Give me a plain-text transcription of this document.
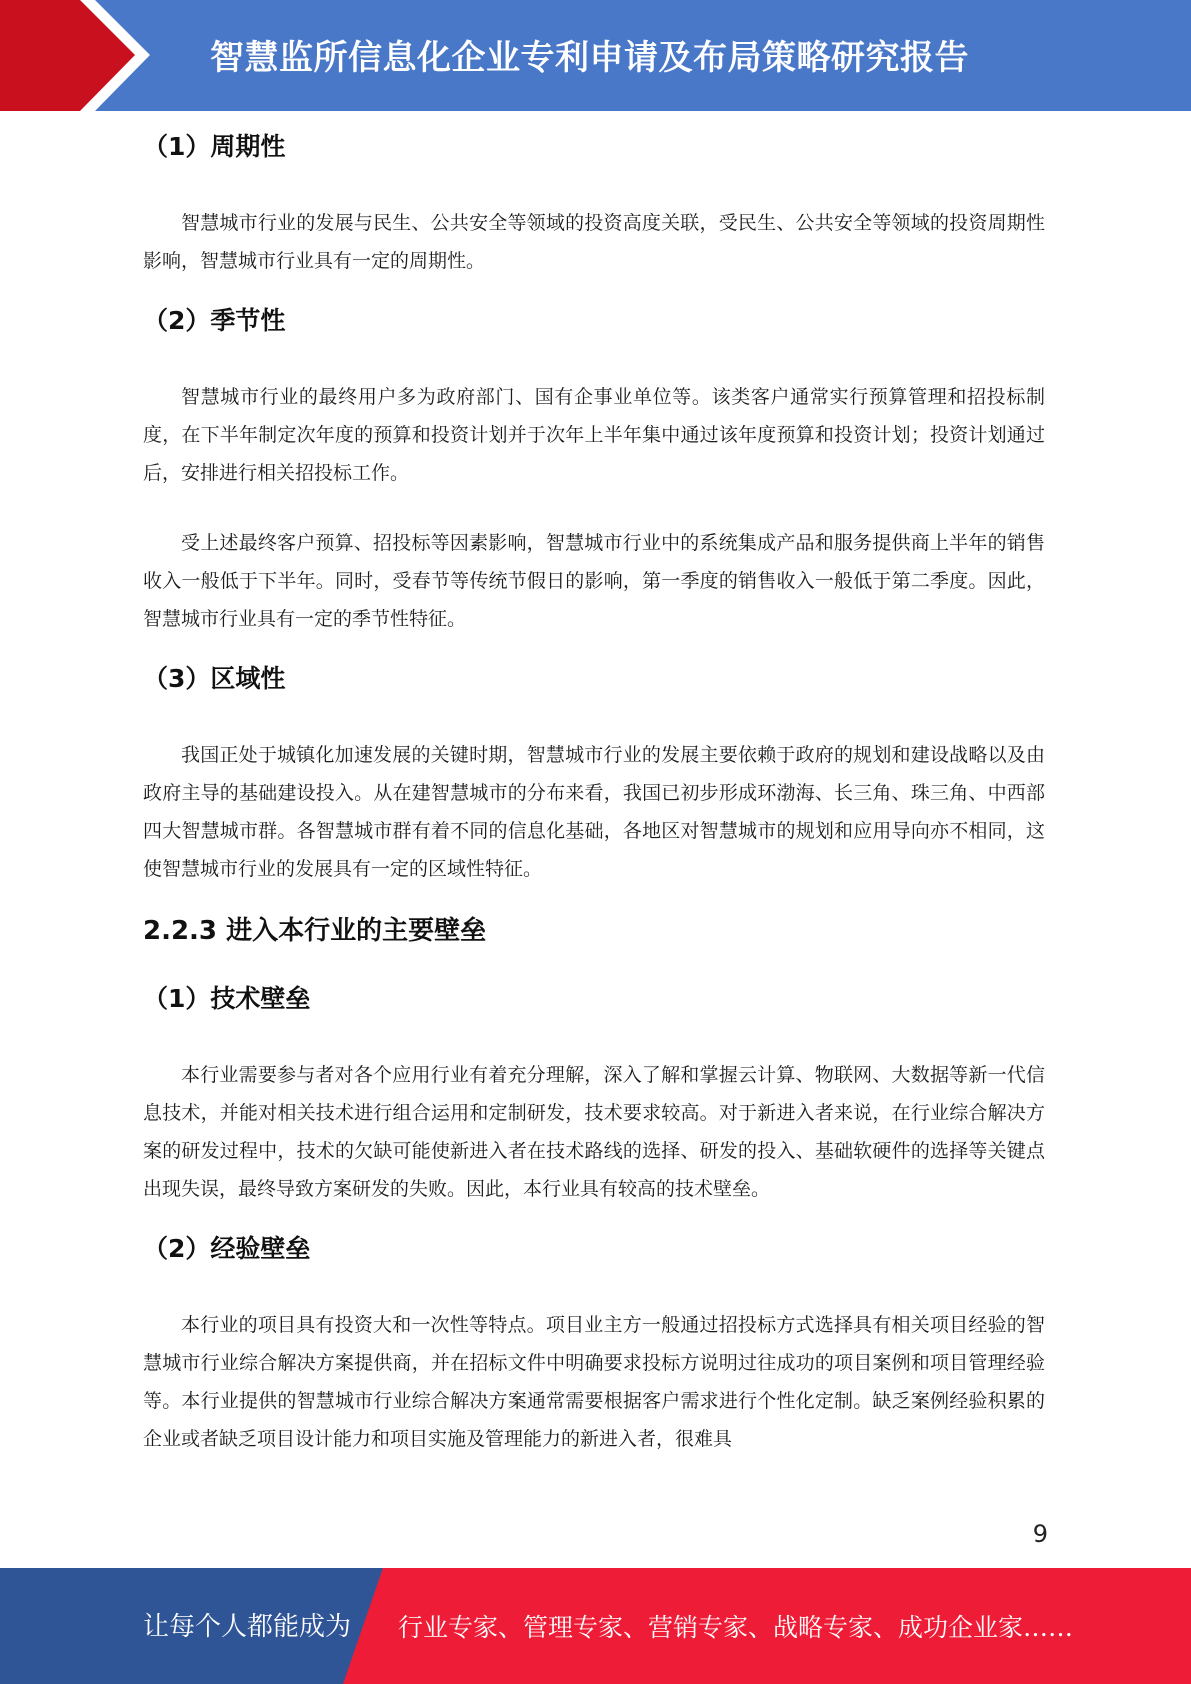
智慧监所信息化企业专利申请及布局策略研究报告
（1）周期性

智慧城市行业的发展与民生、公共安全等领域的投资高度关联，受民生、公共安全等领域的投资周期性影响，智慧城市行业具有一定的周期性。

（2）季节性

智慧城市行业的最终用户多为政府部门、国有企事业单位等。该类客户通常实行预算管理和招投标制度，在下半年制定次年度的预算和投资计划并于次年上半年集中通过该年度预算和投资计划；投资计划通过后，安排进行相关招投标工作。

受上述最终客户预算、招投标等因素影响，智慧城市行业中的系统集成产品和服务提供商上半年的销售收入一般低于下半年。同时，受春节等传统节假日的影响，第一季度的销售收入一般低于第二季度。因此，智慧城市行业具有一定的季节性特征。

（3）区域性

我国正处于城镇化加速发展的关键时期，智慧城市行业的发展主要依赖于政府的规划和建设战略以及由政府主导的基础建设投入。从在建智慧城市的分布来看，我国已初步形成环渤海、长三角、珠三角、中西部四大智慧城市群。各智慧城市群有着不同的信息化基础，各地区对智慧城市的规划和应用导向亦不相同，这使智慧城市行业的发展具有一定的区域性特征。

2.2.3 进入本行业的主要壁垒
（1）技术壁垒

本行业需要参与者对各个应用行业有着充分理解，深入了解和掌握云计算、物联网、大数据等新一代信息技术，并能对相关技术进行组合运用和定制研发，技术要求较高。对于新进入者来说，在行业综合解决方案的研发过程中，技术的欠缺可能使新进入者在技术路线的选择、研发的投入、基础软硬件的选择等关键点出现失误，最终导致方案研发的失败。因此，本行业具有较高的技术壁垒。

（2）经验壁垒

本行业的项目具有投资大和一次性等特点。项目业主方一般通过招投标方式选择具有相关项目经验的智慧城市行业综合解决方案提供商，并在招标文件中明确要求投标方说明过往成功的项目案例和项目管理经验等。本行业提供的智慧城市行业综合解决方案通常需要根据客户需求进行个性化定制。缺乏案例经验积累的企业或者缺乏项目设计能力和项目实施及管理能力的新进入者，很难具

9
让每个人都能成为 行业专家、管理专家、营销专家、战略专家、成功企业家……
